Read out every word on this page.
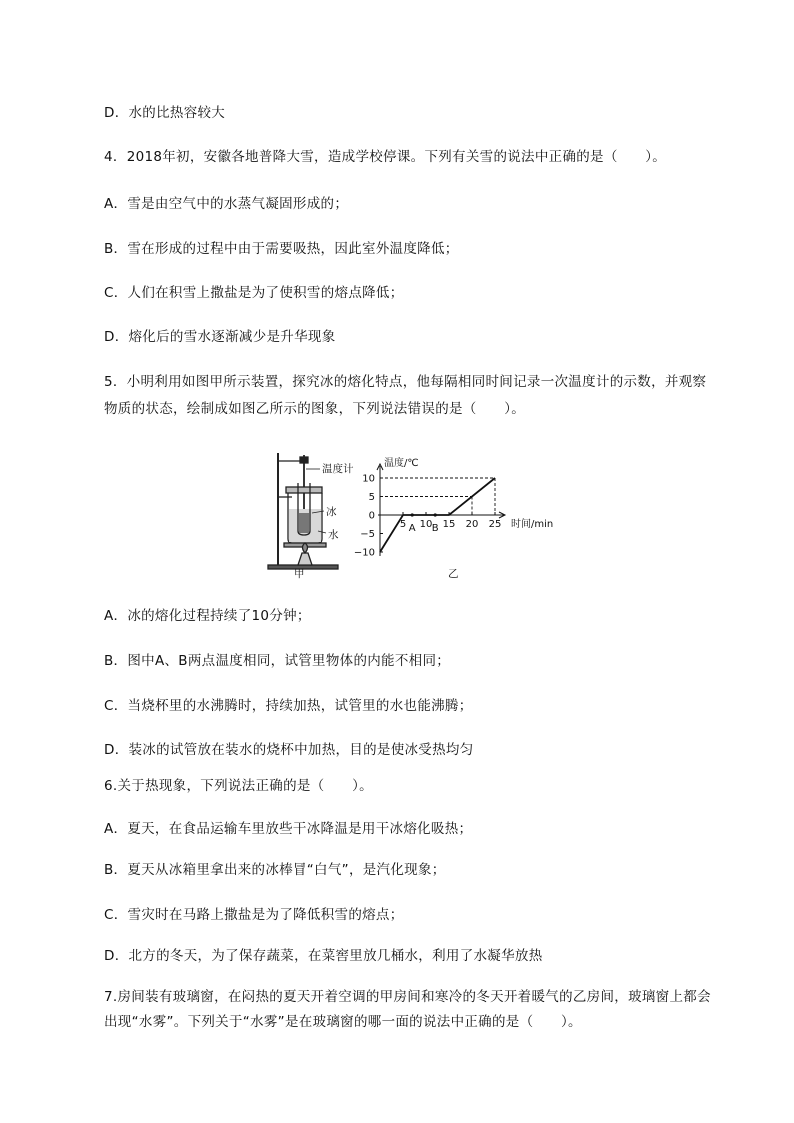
D．水的比热容较大
4．2018年初，安徽各地普降大雪，造成学校停课。下列有关雪的说法中正确的是（　　）。
A．雪是由空气中的水蒸气凝固形成的；
B．雪在形成的过程中由于需要吸热，因此室外温度降低；
C．人们在积雪上撒盐是为了使积雪的熔点降低；
D．熔化后的雪水逐渐减少是升华现象
5．小明利用如图甲所示装置，探究冰的熔化特点，他每隔相同时间记录一次温度计的示数，并观察
物质的状态，绘制成如图乙所示的图象，下列说法错误的是（　　）。
A．冰的熔化过程持续了10分钟；
B．图中A、B两点温度相同，试管里物体的内能不相同；
C．当烧杯里的水沸腾时，持续加热，试管里的水也能沸腾；
D．装冰的试管放在装水的烧杯中加热，目的是使冰受热均匀
6.关于热现象，下列说法正确的是（　　）。
A．夏天，在食品运输车里放些干冰降温是用干冰熔化吸热；
B．夏天从冰箱里拿出来的冰棒冒“白气”，是汽化现象；
C．雪灾时在马路上撒盐是为了降低积雪的熔点；
D．北方的冬天，为了保存蔬菜，在菜窖里放几桶水，利用了水凝华放热
7.房间装有玻璃窗，在闷热的夏天开着空调的甲房间和寒冷的冬天开着暖气的乙房间，玻璃窗上都会
出现“水雾”。下列关于“水雾”是在玻璃窗的哪一面的说法中正确的是（　　）。
温度计
冰
水
甲
温度/℃
时间/min
10
5
0
−5
−10
5 10 15 20 25
A B
乙
